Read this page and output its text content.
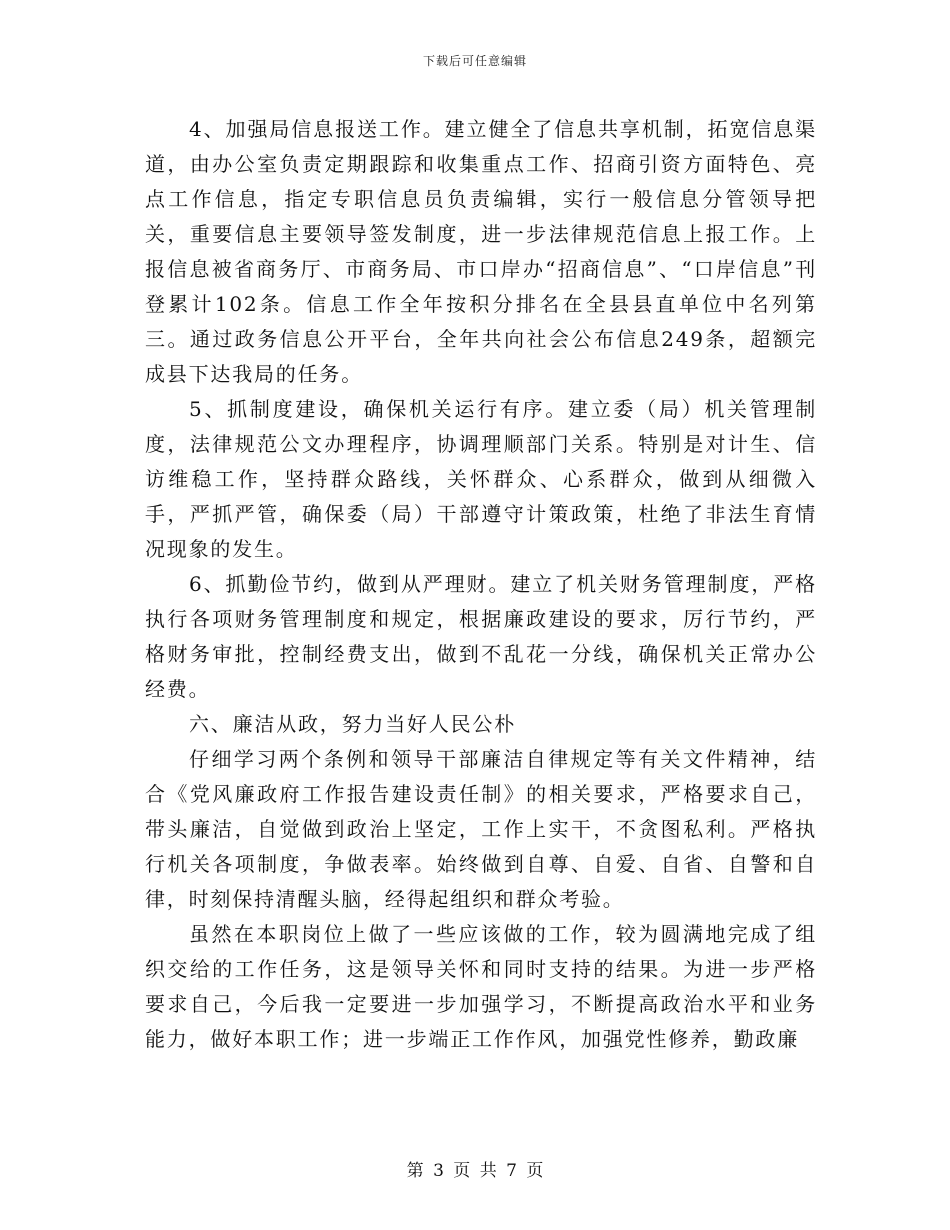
下载后可任意编辑

4、加强局信息报送工作。建立健全了信息共享机制，拓宽信息渠道，由办公室负责定期跟踪和收集重点工作、招商引资方面特色、亮点工作信息，指定专职信息员负责编辑，实行一般信息分管领导把关，重要信息主要领导签发制度，进一步法律规范信息上报工作。上报信息被省商务厅、市商务局、市口岸办“招商信息”、“口岸信息”刊登累计102条。信息工作全年按积分排名在全县县直单位中名列第三。通过政务信息公开平台，全年共向社会公布信息249条，超额完成县下达我局的任务。

5、抓制度建设，确保机关运行有序。建立委（局）机关管理制度，法律规范公文办理程序，协调理顺部门关系。特别是对计生、信访维稳工作，坚持群众路线，关怀群众、心系群众，做到从细微入手，严抓严管，确保委（局）干部遵守计策政策，杜绝了非法生育情况现象的发生。

6、抓勤俭节约，做到从严理财。建立了机关财务管理制度，严格执行各项财务管理制度和规定，根据廉政建设的要求，厉行节约，严格财务审批，控制经费支出，做到不乱花一分线，确保机关正常办公经费。

六、廉洁从政，努力当好人民公朴

仔细学习两个条例和领导干部廉洁自律规定等有关文件精神，结合《党风廉政府工作报告建设责任制》的相关要求，严格要求自己，带头廉洁，自觉做到政治上坚定，工作上实干，不贪图私利。严格执行机关各项制度，争做表率。始终做到自尊、自爱、自省、自警和自律，时刻保持清醒头脑，经得起组织和群众考验。

虽然在本职岗位上做了一些应该做的工作，较为圆满地完成了组织交给的工作任务，这是领导关怀和同时支持的结果。为进一步严格要求自己，今后我一定要进一步加强学习，不断提高政治水平和业务能力，做好本职工作；进一步端正工作作风，加强党性修养，勤政廉

第 3 页 共 7 页
